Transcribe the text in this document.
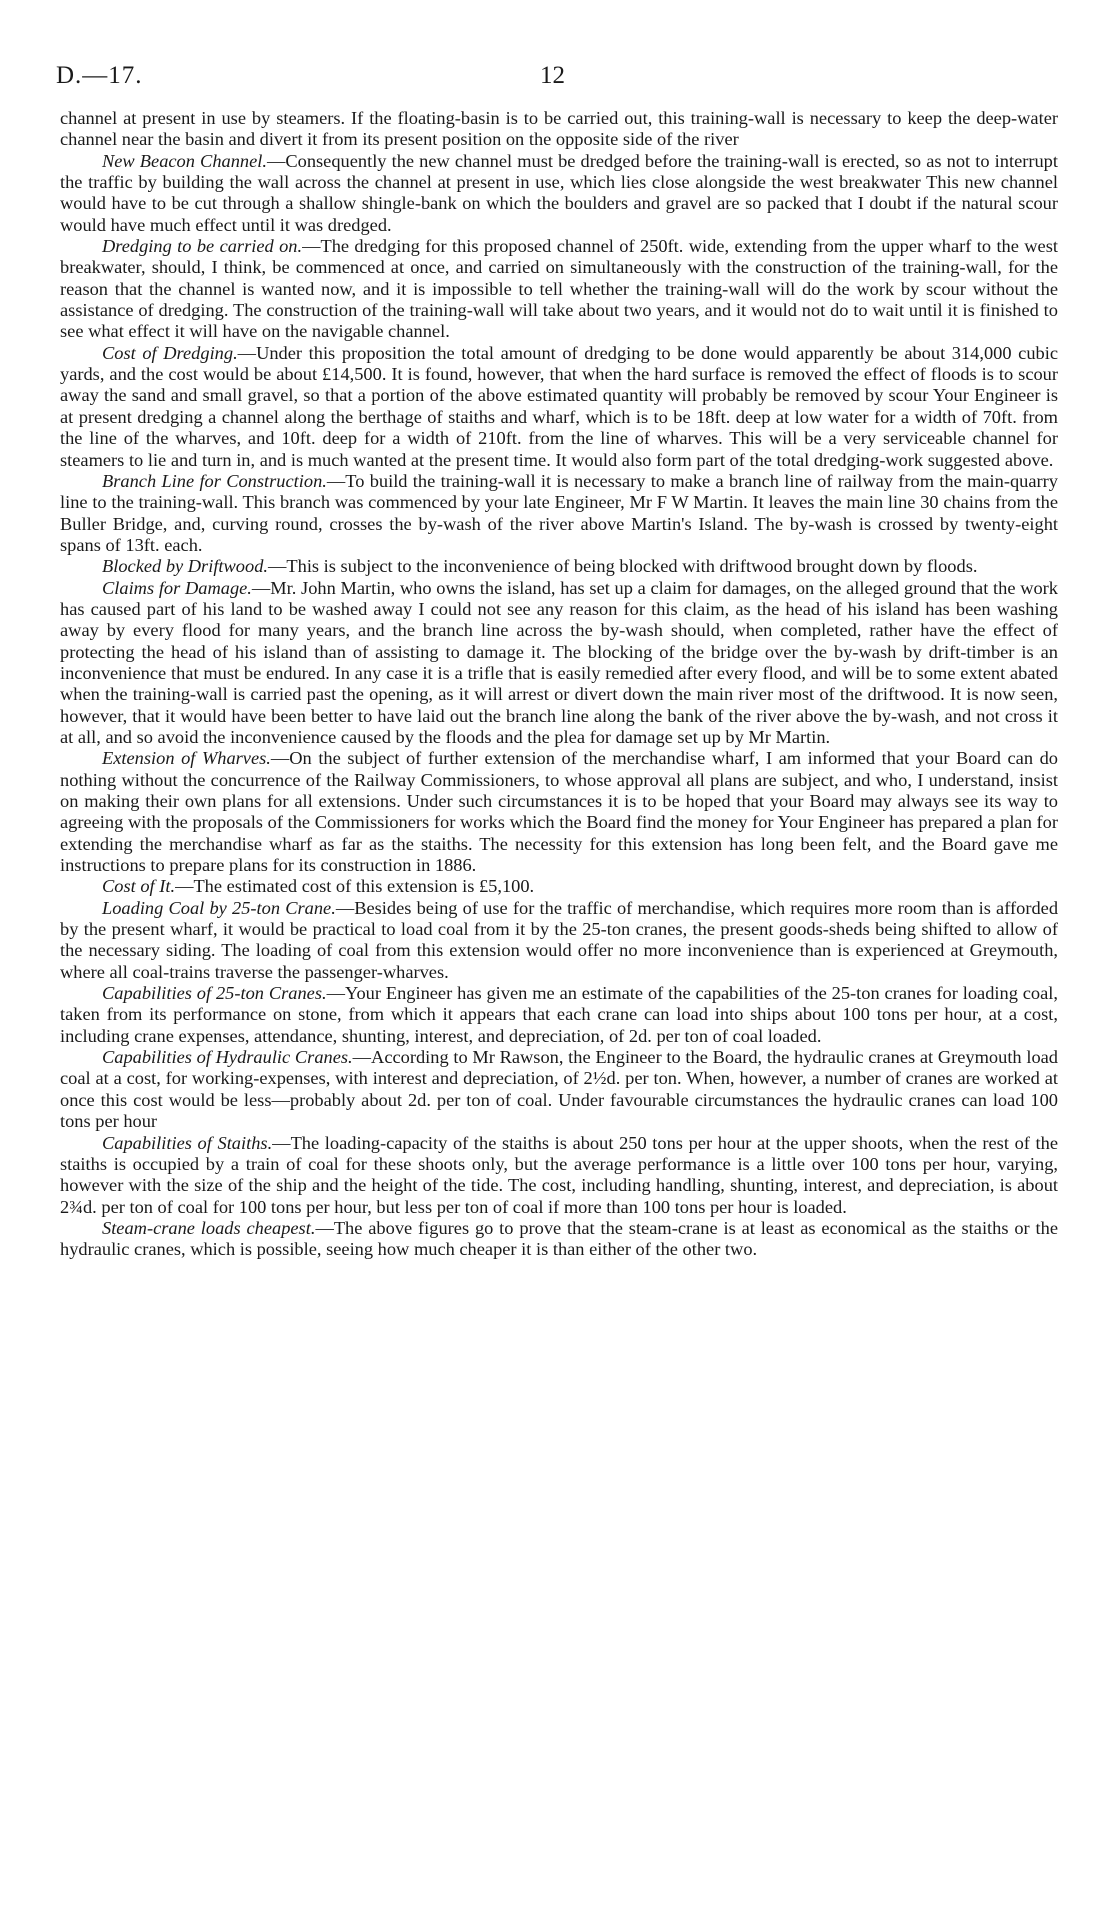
D.—17.	12

channel at present in use by steamers. If the floating-basin is to be carried out, this training-wall is necessary to keep the deep-water channel near the basin and divert it from its present position on the opposite side of the river

New Beacon Channel.—Consequently the new channel must be dredged before the training-wall is erected, so as not to interrupt the traffic by building the wall across the channel at present in use, which lies close alongside the west breakwater This new channel would have to be cut through a shallow shingle-bank on which the boulders and gravel are so packed that I doubt if the natural scour would have much effect until it was dredged.

Dredging to be carried on.—The dredging for this proposed channel of 250ft. wide, extending from the upper wharf to the west breakwater, should, I think, be commenced at once, and carried on simultaneously with the construction of the training-wall, for the reason that the channel is wanted now, and it is impossible to tell whether the training-wall will do the work by scour without the assistance of dredging. The construction of the training-wall will take about two years, and it would not do to wait until it is finished to see what effect it will have on the navigable channel.

Cost of Dredging.—Under this proposition the total amount of dredging to be done would apparently be about 314,000 cubic yards, and the cost would be about £14,500. It is found, however, that when the hard surface is removed the effect of floods is to scour away the sand and small gravel, so that a portion of the above estimated quantity will probably be removed by scour Your Engineer is at present dredging a channel along the berthage of staiths and wharf, which is to be 18ft. deep at low water for a width of 70ft. from the line of the wharves, and 10ft. deep for a width of 210ft. from the line of wharves. This will be a very serviceable channel for steamers to lie and turn in, and is much wanted at the present time. It would also form part of the total dredging-work suggested above.

Branch Line for Construction.—To build the training-wall it is necessary to make a branch line of railway from the main-quarry line to the training-wall. This branch was commenced by your late Engineer, Mr F W Martin. It leaves the main line 30 chains from the Buller Bridge, and, curving round, crosses the by-wash of the river above Martin's Island. The by-wash is crossed by twenty-eight spans of 13ft. each.

Blocked by Driftwood.—This is subject to the inconvenience of being blocked with driftwood brought down by floods.

Claims for Damage.—Mr. John Martin, who owns the island, has set up a claim for damages, on the alleged ground that the work has caused part of his land to be washed away I could not see any reason for this claim, as the head of his island has been washing away by every flood for many years, and the branch line across the by-wash should, when completed, rather have the effect of protecting the head of his island than of assisting to damage it. The blocking of the bridge over the by-wash by drift-timber is an inconvenience that must be endured. In any case it is a trifle that is easily remedied after every flood, and will be to some extent abated when the training-wall is carried past the opening, as it will arrest or divert down the main river most of the driftwood. It is now seen, however, that it would have been better to have laid out the branch line along the bank of the river above the by-wash, and not cross it at all, and so avoid the inconvenience caused by the floods and the plea for damage set up by Mr Martin.

Extension of Wharves.—On the subject of further extension of the merchandise wharf, I am informed that your Board can do nothing without the concurrence of the Railway Commissioners, to whose approval all plans are subject, and who, I understand, insist on making their own plans for all extensions. Under such circumstances it is to be hoped that your Board may always see its way to agreeing with the proposals of the Commissioners for works which the Board find the money for Your Engineer has prepared a plan for extending the merchandise wharf as far as the staiths. The necessity for this extension has long been felt, and the Board gave me instructions to prepare plans for its construction in 1886.

Cost of It.—The estimated cost of this extension is £5,100.

Loading Coal by 25-ton Crane.—Besides being of use for the traffic of merchandise, which requires more room than is afforded by the present wharf, it would be practical to load coal from it by the 25-ton cranes, the present goods-sheds being shifted to allow of the necessary siding. The loading of coal from this extension would offer no more inconvenience than is experienced at Greymouth, where all coal-trains traverse the passenger-wharves.

Capabilities of 25-ton Cranes.—Your Engineer has given me an estimate of the capabilities of the 25-ton cranes for loading coal, taken from its performance on stone, from which it appears that each crane can load into ships about 100 tons per hour, at a cost, including crane expenses, attendance, shunting, interest, and depreciation, of 2d. per ton of coal loaded.

Capabilities of Hydraulic Cranes.—According to Mr Rawson, the Engineer to the Board, the hydraulic cranes at Greymouth load coal at a cost, for working-expenses, with interest and depreciation, of 2½d. per ton. When, however, a number of cranes are worked at once this cost would be less—probably about 2d. per ton of coal. Under favourable circumstances the hydraulic cranes can load 100 tons per hour

Capabilities of Staiths.—The loading-capacity of the staiths is about 250 tons per hour at the upper shoots, when the rest of the staiths is occupied by a train of coal for these shoots only, but the average performance is a little over 100 tons per hour, varying, however with the size of the ship and the height of the tide. The cost, including handling, shunting, interest, and depreciation, is about 2¾d. per ton of coal for 100 tons per hour, but less per ton of coal if more than 100 tons per hour is loaded.

Steam-crane loads cheapest.—The above figures go to prove that the steam-crane is at least as economical as the staiths or the hydraulic cranes, which is possible, seeing how much cheaper it is than either of the other two.
